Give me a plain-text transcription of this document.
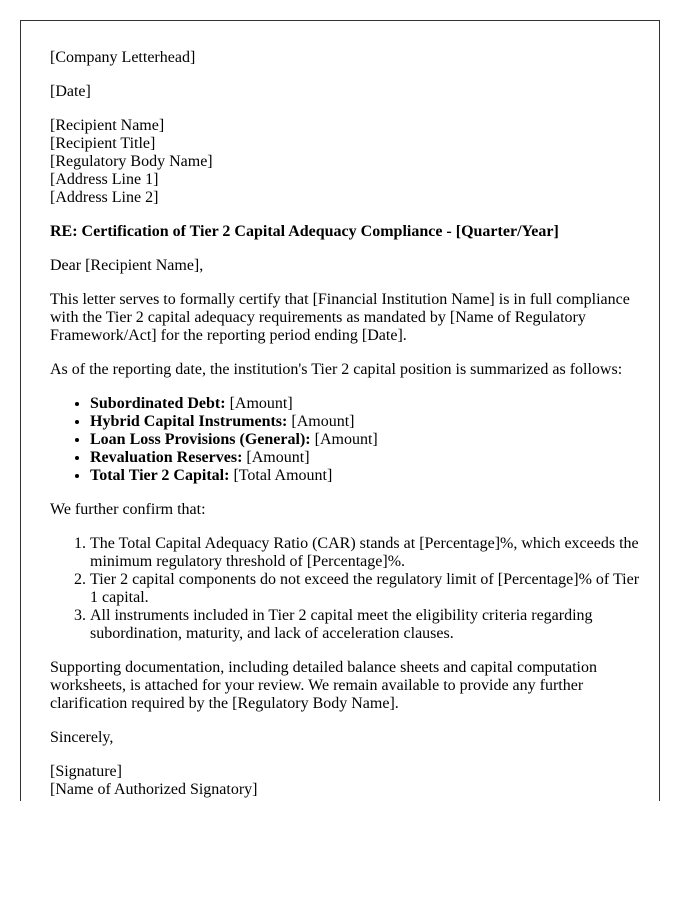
[Company Letterhead]

[Date]

[Recipient Name]
[Recipient Title]
[Regulatory Body Name]
[Address Line 1]
[Address Line 2]

RE: Certification of Tier 2 Capital Adequacy Compliance - [Quarter/Year]

Dear [Recipient Name],

This letter serves to formally certify that [Financial Institution Name] is in full compliance with the Tier 2 capital adequacy requirements as mandated by [Name of Regulatory Framework/Act] for the reporting period ending [Date].

As of the reporting date, the institution's Tier 2 capital position is summarized as follows:

• Subordinated Debt: [Amount]
• Hybrid Capital Instruments: [Amount]
• Loan Loss Provisions (General): [Amount]
• Revaluation Reserves: [Amount]
• Total Tier 2 Capital: [Total Amount]

We further confirm that:

1. The Total Capital Adequacy Ratio (CAR) stands at [Percentage]%, which exceeds the minimum regulatory threshold of [Percentage]%.
2. Tier 2 capital components do not exceed the regulatory limit of [Percentage]% of Tier 1 capital.
3. All instruments included in Tier 2 capital meet the eligibility criteria regarding subordination, maturity, and lack of acceleration clauses.

Supporting documentation, including detailed balance sheets and capital computation worksheets, is attached for your review. We remain available to provide any further clarification required by the [Regulatory Body Name].

Sincerely,

[Signature]
[Name of Authorized Signatory]
